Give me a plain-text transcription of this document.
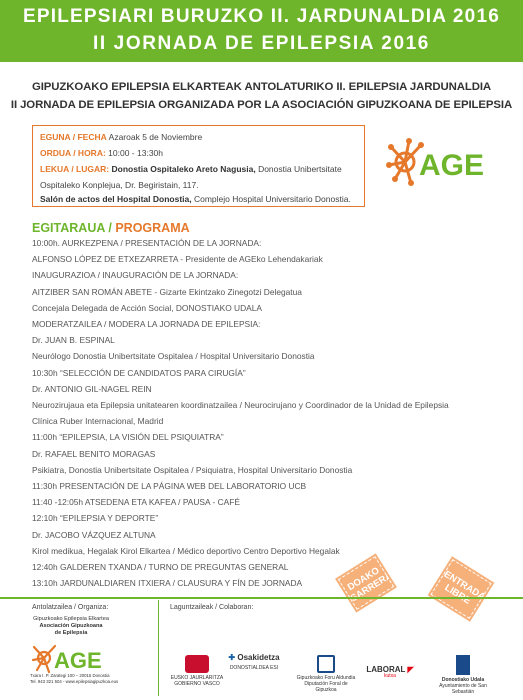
EPILEPSIARI BURUZKO II. JARDUNALDIA 2016
II JORNADA DE EPILEPSIA 2016
GIPUZKOAKO EPILEPSIA ELKARTEAK ANTOLATURIKO II. EPILEPSIA JARDUNALDIA
II JORNADA DE EPILEPSIA ORGANIZADA POR LA ASOCIACIÓN GIPUZKOANA DE EPILEPSIA
EGUNA / FECHA Azaroak 5 de Noviembre
ORDUA / HORA: 10:00 - 13:30h
LEKUA / LUGAR: Donostia Ospitaleko Areto Nagusia, Donostia Unibertsitate
Ospitaleko Konplejua, Dr. Begiristain, 117.
Salón de actos del Hospital Donostia, Complejo Hospital Universitario Donostia.
AGE
EGITARAUA / PROGRAMA
10:00h. AURKEZPENA / PRESENTACIÓN DE LA JORNADA:
ALFONSO LÓPEZ DE ETXEZARRETA - Presidente de AGEko Lehendakariak
INAUGURAZIOA / INAUGURACIÓN DE LA JORNADA:
AITZIBER SAN ROMÁN ABETE - Gizarte Ekintzako Zinegotzi Delegatua
Concejala Delegada de Acción Social, DONOSTIAKO UDALA
MODERATZAILEA / MODERA LA JORNADA DE EPILEPSIA:
Dr. JUAN B. ESPINAL
Neurólogo Donostia Unibertsitate Ospitalea / Hospital Universitario Donostia
10:30h “SELECCIÓN DE CANDIDATOS PARA CIRUGÍA”
Dr. ANTONIO GIL-NAGEL REIN
Neurozirujaua eta Epilepsia unitatearen koordinatzailea / Neurocirujano y Coordinador de la Unidad de Epilepsia
Clínica Ruber Internacional, Madrid
11:00h “EPILEPSIA, LA VISIÓN DEL PSIQUIATRA”
Dr. RAFAEL BENITO MORAGAS
Psikiatra, Donostia Unibertsitate Ospitalea / Psiquiatra, Hospital Universitario Donostia
11:30h PRESENTACIÓN DE LA PÁGINA WEB DEL LABORATORIO UCB
11:40 -12:05h ATSEDENA ETA KAFEA / PAUSA - CAFÉ
12:10h “EPILEPSIA Y DEPORTE”
Dr. JACOBO VÁZQUEZ ALTUNA
Kirol medikua, Hegalak Kirol Elkartea / Médico deportivo Centro Deportivo Hegalak
DOAKO SARRERA	ENTRADA LIBRE
Antolatzailea / Organiza:	Laguntzaileak / Colaboran:
Gipuzkoako Epilepsia Elkartea
Asociación Gipuzkoana
de Epilepsia
AGE
Txara I. P. Zarategi 100 – 20015 Donostia
Tel. 943 321 504 - www.epilepsiagipuzkoa.eus	EUSKO JAURLARITZA
GOBIERNO VASCO
✚ Osakidetza
DONOSTIALDEA ESI
Gipuzkoako Foru Aldundia
Diputación Foral de Gipuzkoa
LABORAL ◤
kutxa
Donostiako Udala
Ayuntamiento de San Sebastián
12:40h GALDEREN TXANDA / TURNO DE PREGUNTAS GENERAL
13:10h JARDUNALDIAREN ITXIERA / CLAUSURA Y FÍN DE JORNADA
